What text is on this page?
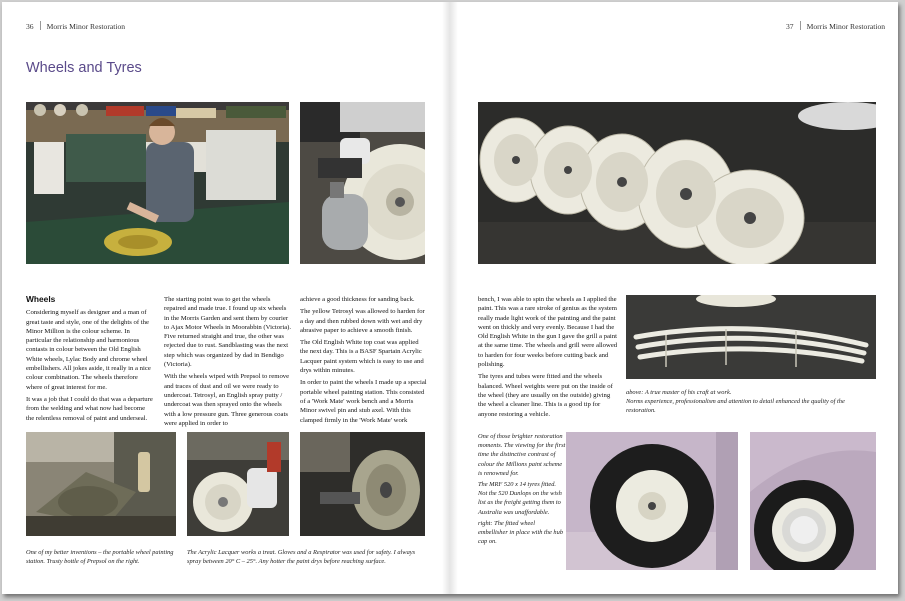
36 Morris Minor Restoration
Wheels and Tyres
Wheels

Considering myself as designer and a man of great taste and style, one of the delights of the Minor Million is the colour scheme. In particular the relationship and harmonious contasts in colour between the Old English White wheels, Lylac Body and chrome wheel embellishers. All jokes aside, it really in a nice colour combination. The wheels therefore where of great interest for me.

It was a job that I could do that was a departure from the welding and what now had become the relentless removal of paint and underseal.

The starting point was to get the wheels repaired and made true. I found up six wheels in the Morris Garden and sent them by courier to Ajax Motor Wheels in Moorabbin (Victoria). Five returned straight and true, the other was rejected due to rust. Sandblasting was the next step which was organized by dad in Bendigo (Victoria).

With the wheels wiped with Prepsol to remove and traces of dust and oil we were ready to undercoat. Tetrosyl, an English spray putty / undercoat was then sprayed onto the wheels with a low pressure gun. Three generous coats were applied in order to

achieve a good thickness for sanding back.

The yellow Tetrosyl was allowed to harden for a day and then rubbed down with wet and dry abrasive paper to achieve a smooth finish.

The Old English White top coat was applied the next day. This is a BASF Spartain Acrylic Lacquer paint system which is easy to use and drys within minutes.

In order to paint the wheels I made up a special portable wheel painting station. This consisted of a 'Work Mate' work bench and a Morris Minor swivel pin and stub axel. With this clamped firmly in the 'Work Mate' work

One of my better inventions – the portable wheel painting station. Trusty bottle of Prepsol on the right.
The Acrylic Lacquer works a treat. Gloves and a Respirator was used for safety. I always spray between 20° C – 25°. Any hotter the paint drys before reaching surface.
37 Morris Minor Restoration

bench, I was able to spin the wheels as I applied the paint. This was a rare stroke of genius as the system really made light work of the painting and the paint went on thickly and very evenly. Because I had the Old English White in the gun I gave the grill a paint at the same time. The wheels and grill were allowed to harden for four weeks before cutting back and polishing.

The tyres and tubes were fitted and the wheels balanced. Wheel weights were put on the inside of the wheel (they are usually on the outside) giving the wheel a cleaner line. This is a good tip for anyone restoring a vehicle.

above: A true master of his craft at work.

Norms experience, professionalism and attention to detail enhanced the quality of the restoration.

One of those brighter restoration moments. The viewing for the first time the distinctive contrast of colour the Millions paint scheme is renowned for.

The MRF 520 x 14 tyres fitted. Not the 520 Dunlops on the wish list as the freight getting them to Australia was unaffordable.

right: The fitted wheel embellisher in place with the hub cap on.
